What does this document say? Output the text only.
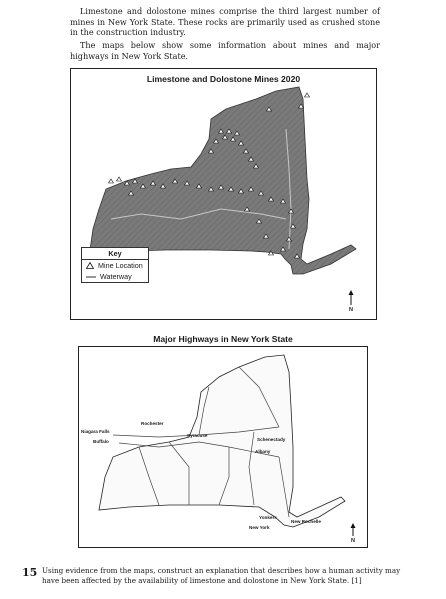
Limestone and dolostone mines comprise the third largest number of mines in New York State. These rocks are primarily used as crushed stone in the construction industry.

The maps below show some information about mines and major highways in New York State.

Limestone and Dolostone Mines 2020
Key
Mine Location
Waterway
N
Major Highways in New York State
Niagara Falls
Buffalo
Rochester
Syracuse
Schenectady
Albany
Yonkers
New York
New Rochelle
N
15 Using evidence from the maps, construct an explanation that describes how a human activity may have been affected by the availability of limestone and dolostone in New York State. [1]
